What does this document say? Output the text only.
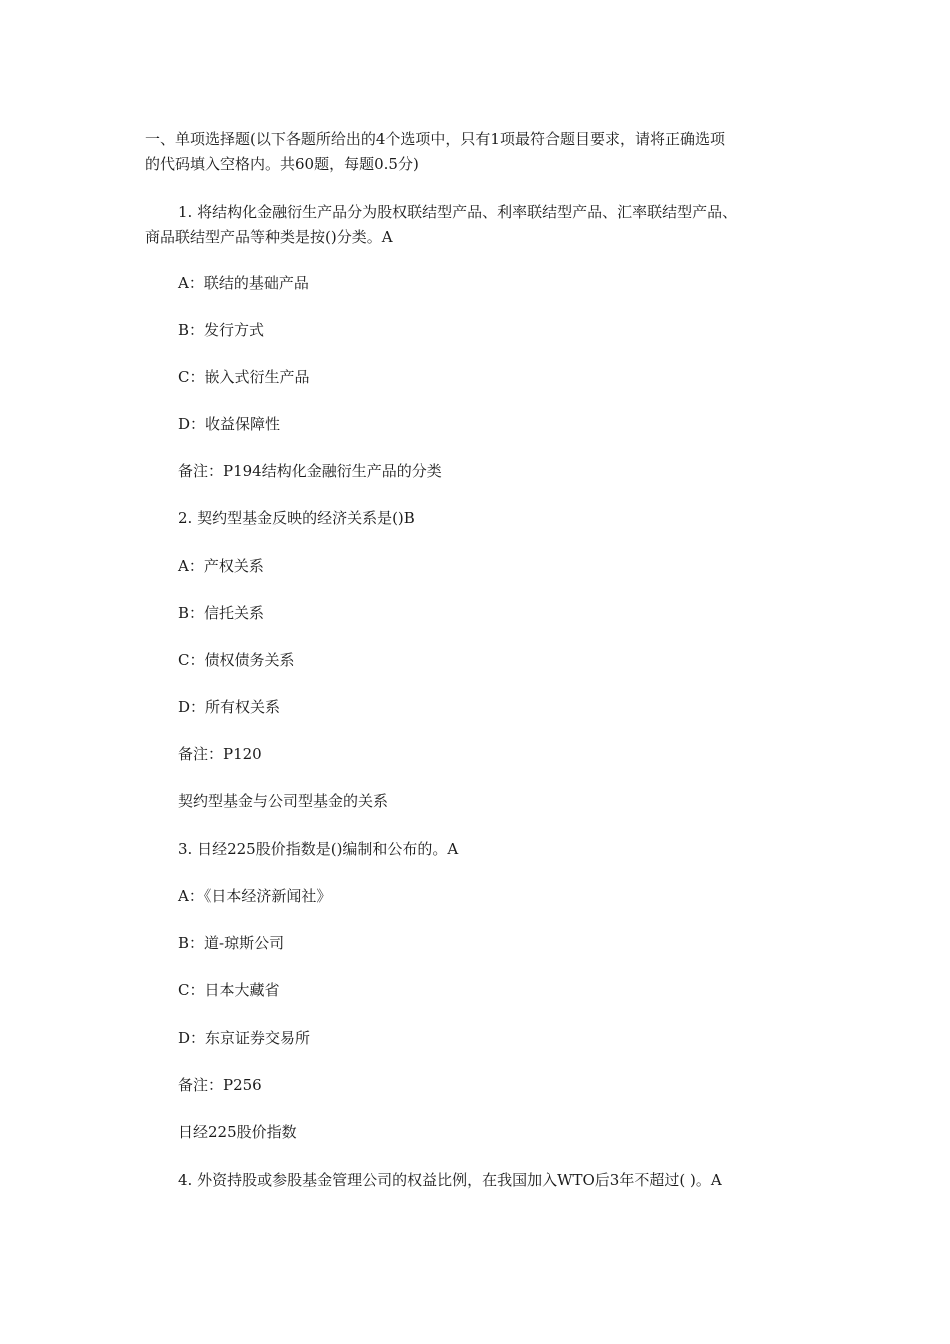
一、单项选择题(以下各题所给出的4个选项中，只有1项最符合题目要求，请将正确选项

的代码填入空格内。共60题，每题0.5分)

1. 将结构化金融衍生产品分为股权联结型产品、利率联结型产品、汇率联结型产品、

商品联结型产品等种类是按()分类。A

A：联结的基础产品

B：发行方式

C：嵌入式衍生产品

D：收益保障性

备注：P194结构化金融衍生产品的分类

2. 契约型基金反映的经济关系是()B

A：产权关系

B：信托关系

C：债权债务关系

D：所有权关系

备注：P120

契约型基金与公司型基金的关系

3. 日经225股价指数是()编制和公布的。A

A：《日本经济新闻社》

B：道-琼斯公司

C：日本大藏省

D：东京证券交易所

备注：P256

日经225股价指数

4. 外资持股或参股基金管理公司的权益比例，在我国加入WTO后3年不超过( )。A
